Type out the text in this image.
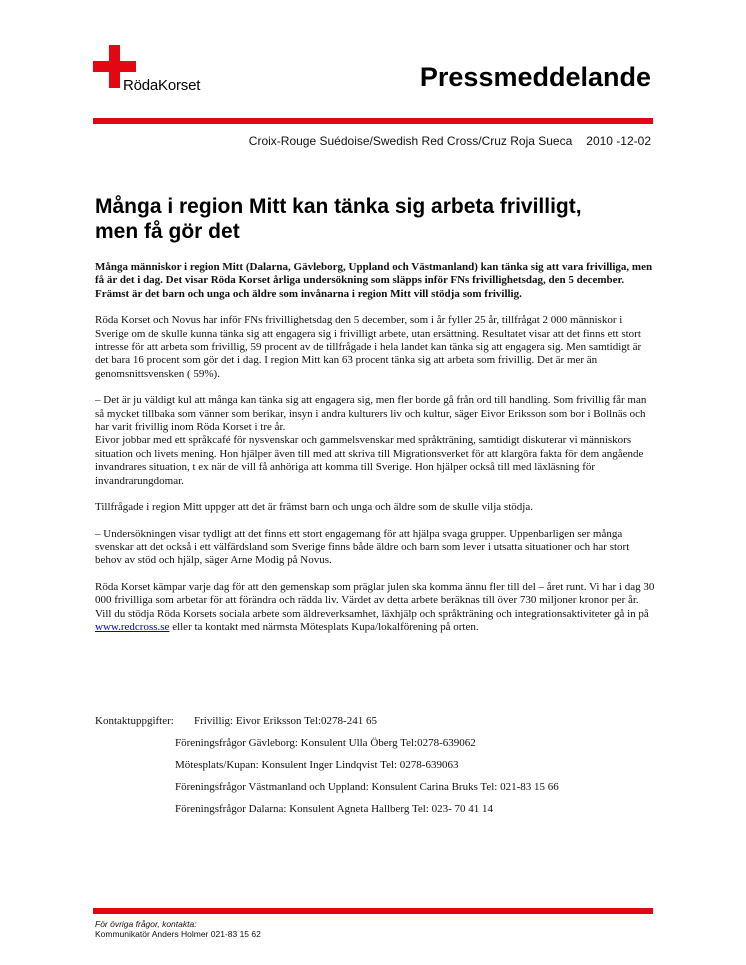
RödaKorset	Pressmeddelande
Croix-Rouge Suédoise/Swedish Red Cross/Cruz Roja Sueca 2010 -12-02
Många i region Mitt kan tänka sig arbeta frivilligt, men få gör det

Många människor i region Mitt (Dalarna, Gävleborg, Uppland och Västmanland) kan tänka sig att vara frivilliga, men få är det i dag. Det visar Röda Korset årliga undersökning som släpps inför FNs frivillighetsdag, den 5 december. Främst är det barn och unga och äldre som invånarna i region Mitt vill stödja som frivillig.

Röda Korset och Novus har inför FNs frivillighetsdag den 5 december, som i år fyller 25 år, tillfrågat 2 000 människor i Sverige om de skulle kunna tänka sig att engagera sig i frivilligt arbete, utan ersättning. Resultatet visar att det finns ett stort intresse för att arbeta som frivillig, 59 procent av de tillfrågade i hela landet kan tänka sig att engagera sig. Men samtidigt är det bara 16 procent som gör det i dag. I region Mitt kan 63 procent tänka sig att arbeta som frivillig. Det är mer än genomsnittsvensken ( 59%).

– Det är ju väldigt kul att många kan tänka sig att engagera sig, men fler borde gå från ord till handling. Som frivillig får man så mycket tillbaka som vänner som berikar, insyn i andra kulturers liv och kultur, säger Eivor Eriksson som bor i Bollnäs och har varit frivillig inom Röda Korset i tre år.
Eivor jobbar med ett språkcafé för nysvenskar och gammelsvenskar med språkträning, samtidigt diskuterar vi människors situation och livets mening. Hon hjälper även till med att skriva till Migrationsverket för att klargöra fakta för dem angående invandrares situation, t ex när de vill få anhöriga att komma till Sverige. Hon hjälper också till med läxläsning för invandrarungdomar.

Tillfrågade i region Mitt uppger att det är främst barn och unga och äldre som de skulle vilja stödja.

– Undersökningen visar tydligt att det finns ett stort engagemang för att hjälpa svaga grupper. Uppenbarligen ser många svenskar att det också i ett välfärdsland som Sverige finns både äldre och barn som lever i utsatta situationer och har stort behov av stöd och hjälp, säger Arne Modig på Novus.

Röda Korset kämpar varje dag för att den gemenskap som präglar julen ska komma ännu fler till del – året runt. Vi har i dag 30 000 frivilliga som arbetar för att förändra och rädda liv. Värdet av detta arbete beräknas till över 730 miljoner kronor per år. Vill du stödja Röda Korsets sociala arbete som äldreverksamhet, läxhjälp och språkträning och integrationsaktiviteter gå in på www.redcross.se eller ta kontakt med närmsta Mötesplats Kupa/lokalförening på orten.

Kontaktuppgifter: Frivillig: Eivor Eriksson Tel:0278-241 65
Föreningsfrågor Gävleborg: Konsulent Ulla Öberg Tel:0278-639062
Mötesplats/Kupan: Konsulent Inger Lindqvist Tel: 0278-639063
Föreningsfrågor Västmanland och Uppland: Konsulent Carina Bruks Tel: 021-83 15 66
Föreningsfrågor Dalarna: Konsulent Agneta Hallberg Tel: 023- 70 41 14
För övriga frågor, kontakta:
Kommunikatör Anders Holmer 021-83 15 62
